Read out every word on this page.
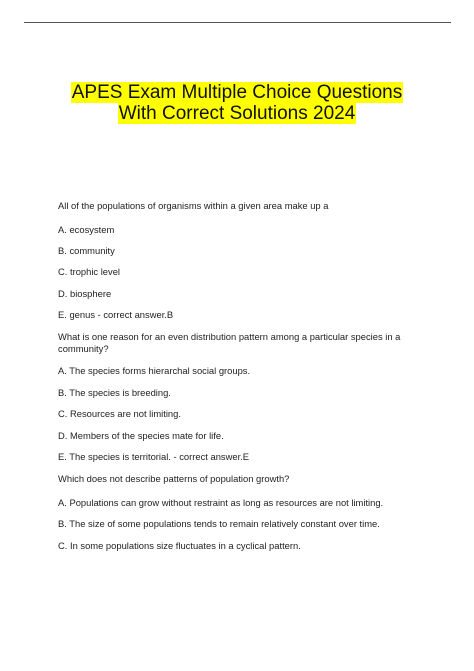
APES Exam Multiple Choice Questions
With Correct Solutions 2024
All of the populations of organisms within a given area make up a
A. ecosystem
B. community
C. trophic level
D. biosphere
E. genus - correct answer.B
What is one reason for an even distribution pattern among a particular species in a community?
A. The species forms hierarchal social groups.
B. The species is breeding.
C. Resources are not limiting.
D. Members of the species mate for life.
E. The species is territorial. - correct answer.E
Which does not describe patterns of population growth?
A. Populations can grow without restraint as long as resources are not limiting.
B. The size of some populations tends to remain relatively constant over time.
C. In some populations size fluctuates in a cyclical pattern.
